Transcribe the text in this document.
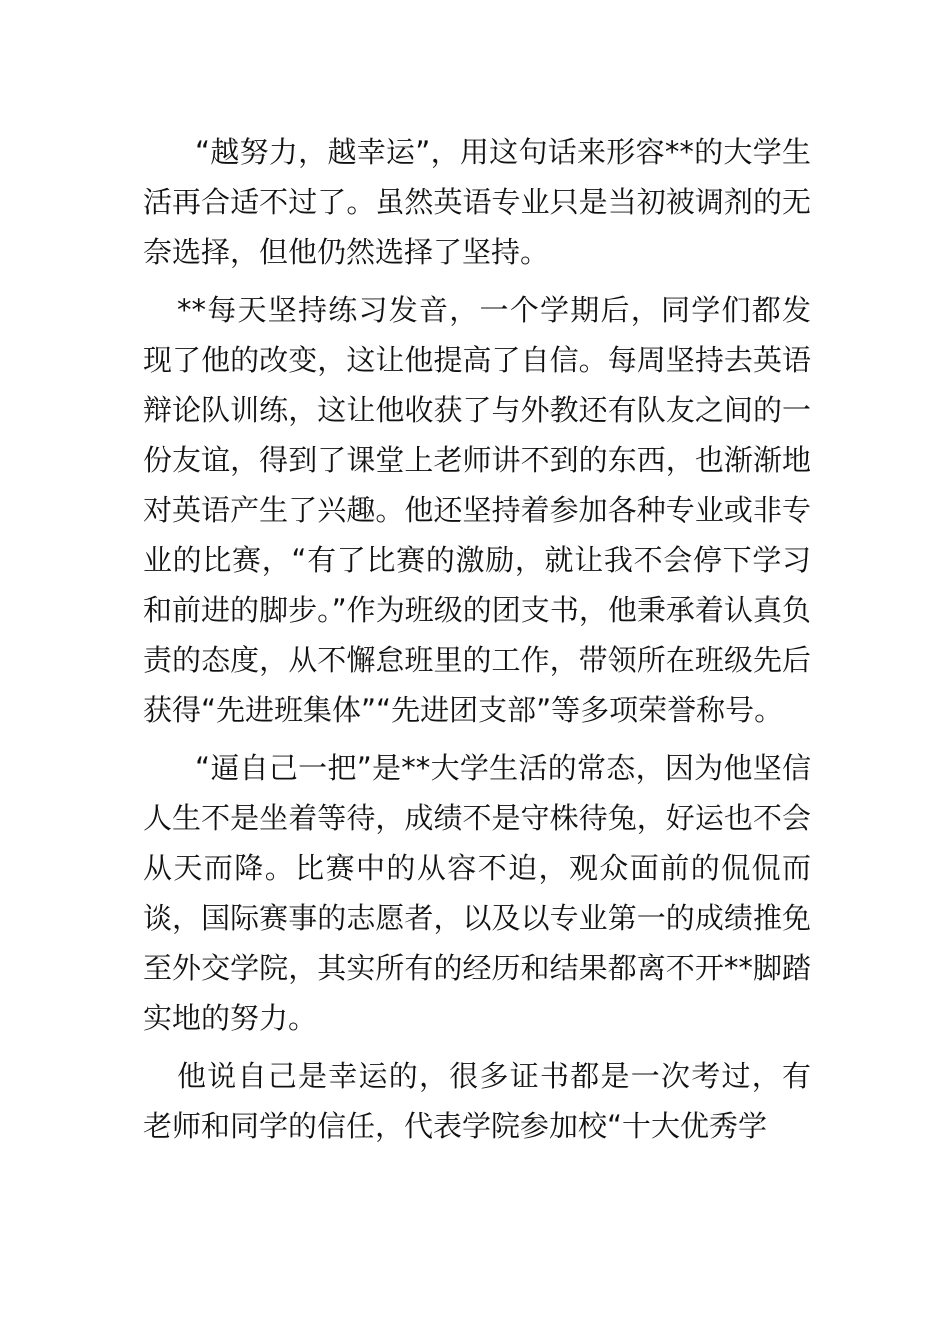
“越努力，越幸运”，用这句话来形容**的大学生活再合适不过了。虽然英语专业只是当初被调剂的无奈选择，但他仍然选择了坚持。

**每天坚持练习发音，一个学期后，同学们都发现了他的改变，这让他提高了自信。每周坚持去英语辩论队训练，这让他收获了与外教还有队友之间的一份友谊，得到了课堂上老师讲不到的东西，也渐渐地对英语产生了兴趣。他还坚持着参加各种专业或非专业的比赛，“有了比赛的激励，就让我不会停下学习和前进的脚步。”作为班级的团支书，他秉承着认真负责的态度，从不懈怠班里的工作，带领所在班级先后获得“先进班集体”“先进团支部”等多项荣誉称号。

“逼自己一把”是**大学生活的常态，因为他坚信人生不是坐着等待，成绩不是守株待兔，好运也不会从天而降。比赛中的从容不迫，观众面前的侃侃而谈，国际赛事的志愿者，以及以专业第一的成绩推免至外交学院，其实所有的经历和结果都离不开**脚踏实地的努力。

他说自己是幸运的，很多证书都是一次考过，有老师和同学的信任，代表学院参加校“十大优秀学
